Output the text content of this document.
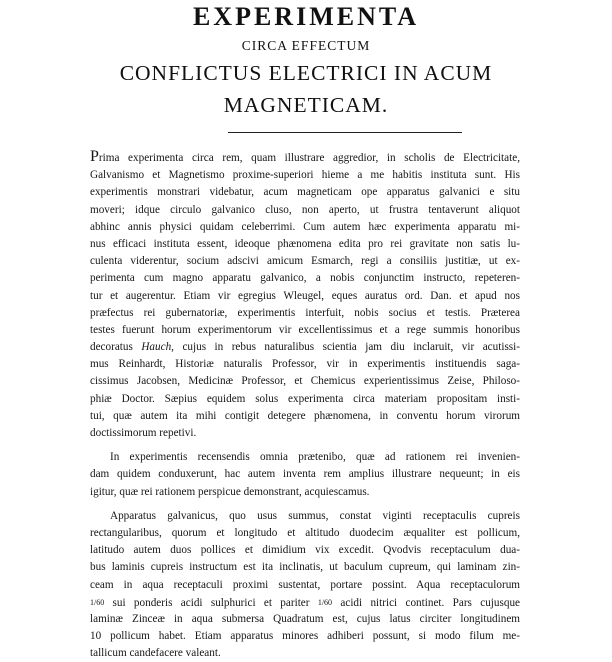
EXPERIMENTA
CIRCA EFFECTUM
CONFLICTUS ELECTRICI IN ACUM
MAGNETICAM.
Prima experimenta circa rem, quam illustrare aggredior, in scholis de Electricitate,
Galvanismo et Magnetismo proxime-superiori hieme a me habitis instituta sunt. His
experimentis monstrari videbatur, acum magneticam ope apparatus galvanici e situ
moveri; idque circulo galvanico cluso, non aperto, ut frustra tentaverunt aliquot
abhinc annis physici quidam celeberrimi. Cum autem hæc experimenta apparatu mi-
nus efficaci instituta essent, ideoque phænomena edita pro rei gravitate non satis lu-
culenta viderentur, socium adscivi amicum Esmarch, regi a consiliis justitiæ, ut ex-
perimenta cum magno apparatu galvanico, a nobis conjunctim instructo, repeteren-
tur et augerentur. Etiam vir egregius Wleugel, eques auratus ord. Dan. et apud nos
præfectus rei gubernatoriæ, experimentis interfuit, nobis socius et testis. Præterea
testes fuerunt horum experimentorum vir excellentissimus et a rege summis honoribus
decoratus Hauch, cujus in rebus naturalibus scientia jam diu inclaruit, vir acutissi-
mus Reinhardt, Historiæ naturalis Professor, vir in experimentis instituendis saga-
cissimus Jacobsen, Medicinæ Professor, et Chemicus experientissimus Zeise, Philoso-
phiæ Doctor. Sæpius equidem solus experimenta circa materiam propositam insti-
tui, quæ autem ita mihi contigit detegere phænomena, in conventu horum virorum
doctissimorum repetivi.
In experimentis recensendis omnia prætenibo, quæ ad rationem rei invenien-
dam quidem conduxerunt, hac autem inventa rem amplius illustrare nequeunt; in eis
igitur, quæ rei rationem perspicue demonstrant, acquiescamus.
Apparatus galvanicus, quo usus summus, constat viginti receptaculis cupreis
rectangularibus, quorum et longitudo et altitudo duodecim æqualiter est pollicum,
latitudo autem duos pollices et dimidium vix excedit. Qvodvis receptaculum dua-
bus laminis cupreis instructum est ita inclinatis, ut baculum cupreum, qui laminam zin-
ceam in aqua receptaculi proximi sustentat, portare possint. Aqua receptaculorum
1/60 sui ponderis acidi sulphurici et pariter 1/60 acidi nitrici continet. Pars cujusque
laminæ Zinceæ in aqua submersa Quadratum est, cujus latus circiter longitudinem
10 pollicum habet. Etiam apparatus minores adhiberi possunt, si modo filum me-
tallicum candefacere valeant.
